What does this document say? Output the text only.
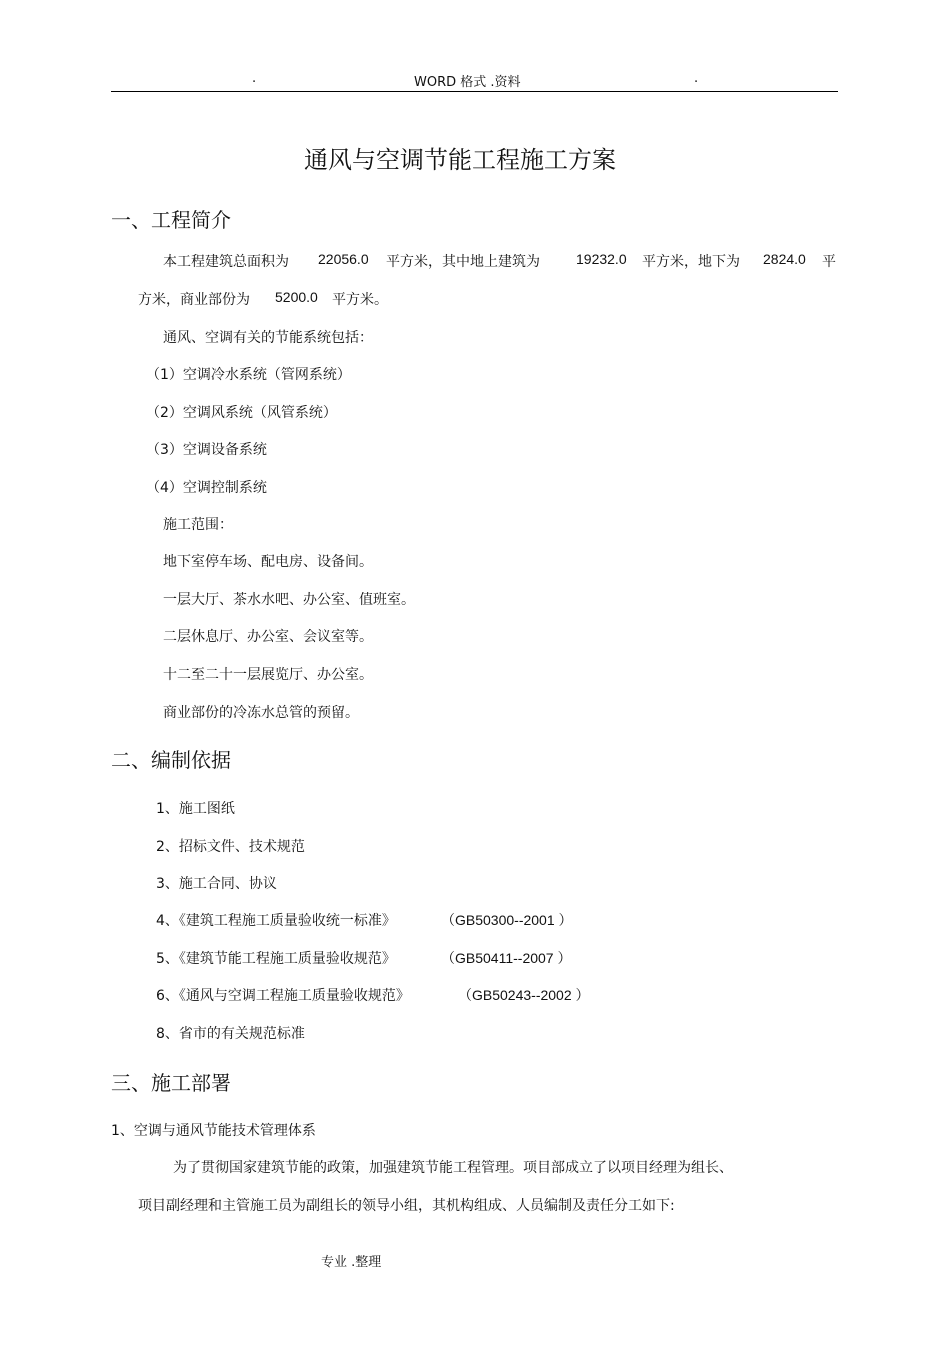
.	WORD 格式 .资料	.
通风与空调节能工程施工方案
一、工程简介
本工程建筑总面积为 22056.0 平方米，其中地上建筑为	19232.0 平方米，地下为 2824.0 平
方米，商业部份为 5200.0 平方米。
通风、空调有关的节能系统包括：
（1）空调冷水系统（管网系统）
（2）空调风系统（风管系统）
（3）空调设备系统
（4）空调控制系统
施工范围：
地下室停车场、配电房、设备间。
一层大厅、茶水水吧、办公室、值班室。
二层休息厅、办公室、会议室等。
十二至二十一层展览厅、办公室。
商业部份的冷冻水总管的预留。
二、编制依据
1、施工图纸
2、招标文件、技术规范
3、施工合同、协议
4、《建筑工程施工质量验收统一标准》	（GB50300--2001 ）
5、《建筑节能工程施工质量验收规范》	（GB50411--2007 ）
6、《通风与空调工程施工质量验收规范》	（GB50243--2002 ）
8、省市的有关规范标准
三、施工部署
1、空调与通风节能技术管理体系
为了贯彻国家建筑节能的政策，加强建筑节能工程管理。项目部成立了以项目经理为组长、
项目副经理和主管施工员为副组长的领导小组，其机构组成、人员编制及责任分工如下:
专业 .整理
